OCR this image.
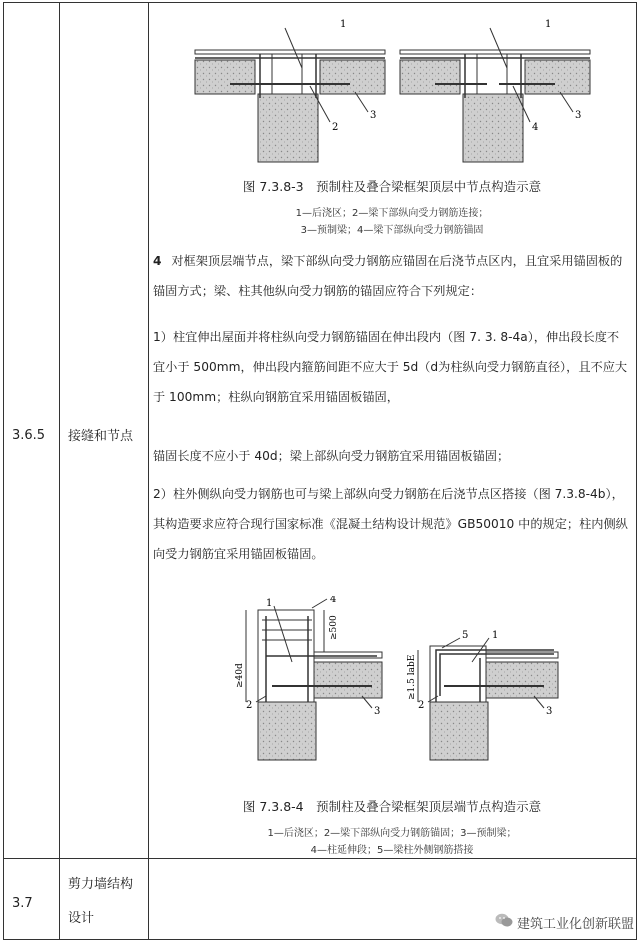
3.6.5 接缝和节点
3.7
剪力墙结构
设计
1
2
3
1
4
3
图 7.3.8-3　预制柱及叠合梁框架顶层中节点构造示意
1—后浇区；2—梁下部纵向受力钢筋连接；
3—预制梁；4—梁下部纵向受力钢筋锚固
4 对框架顶层端节点，梁下部纵向受力钢筋应锚固在后浇节点区内，且宜采用锚固板的锚固方式；梁、柱其他纵向受力钢筋的锚固应符合下列规定：
1）柱宜伸出屋面并将柱纵向受力钢筋锚固在伸出段内（图 7. 3. 8-4a），伸出段长度不宜小于 500mm，伸出段内箍筋间距不应大于 5d（d为柱纵向受力钢筋直径），且不应大于 100mm；柱纵向钢筋宜采用锚固板锚固，
锚固长度不应小于 40d；梁上部纵向受力钢筋宜采用锚固板锚固；
2）柱外侧纵向受力钢筋也可与梁上部纵向受力钢筋在后浇节点区搭接（图 7.3.8-4b），其构造要求应符合现行国家标准《混凝土结构设计规范》GB50010 中的规定；柱内侧纵向受力钢筋宜采用锚固板锚固。
≥40d
≥500
1	4
2
3
≥1.5 labE
5 1
2
3
图 7.3.8-4　预制柱及叠合梁框架顶层端节点构造示意
1—后浇区；2—梁下部纵向受力钢筋锚固；3—预制梁；
4—柱延伸段；5—梁柱外侧钢筋搭接
建筑工业化创新联盟
